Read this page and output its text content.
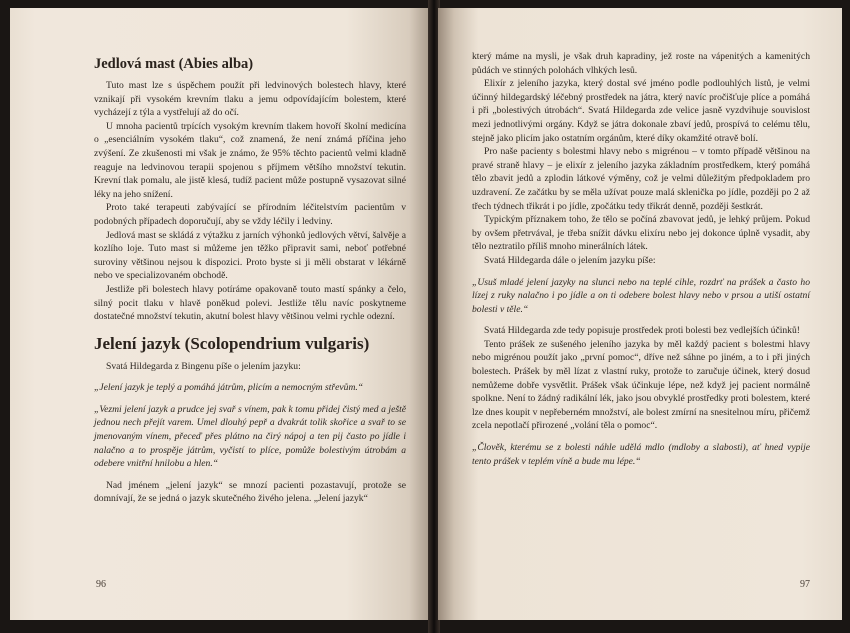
Jedlová mast (Abies alba)

Tuto mast lze s úspěchem použít při ledvinových bolestech hlavy, které vznikají při vysokém krevním tlaku a jemu odpovídajícím bolestem, které vycházejí z týla a vystřelují až do očí.

U mnoha pacientů trpících vysokým krevním tlakem hovoří školní medicína o „esenciálním vysokém tlaku“, což znamená, že není známá příčina jeho zvýšení. Ze zkušenosti mi však je známo, že 95% těchto pacientů velmi kladně reaguje na ledvinovou terapii spojenou s příjmem většího množství tekutin. Krevní tlak pomalu, ale jistě klesá, tudíž pacient může postupně vysazovat silné léky na jeho snížení.

Proto také terapeuti zabývající se přírodním léčitelstvím pacientům v podobných případech doporučují, aby se vždy léčily i ledviny.

Jedlová mast se skládá z výtažku z jarních výhonků jedlových větví, šalvěje a kozlího loje. Tuto mast si můžeme jen těžko připravit sami, neboť potřebné suroviny většinou nejsou k dispozici. Proto byste si ji měli obstarat v lékárně nebo ve specializovaném obchodě.

Jestliže při bolestech hlavy potíráme opakovaně touto mastí spánky a čelo, silný pocit tlaku v hlavě poněkud polevi. Jestliže tělu navíc poskytneme dostatečné množství tekutin, akutní bolest hlavy většinou velmi rychle odezní.

Jelení jazyk (Scolopendrium vulgaris)

Svatá Hildegarda z Bingenu píše o jelením jazyku:

„Jelení jazyk je teplý a pomáhá játrům, plicím a nemocným střevům.“

„Vezmi jelení jazyk a prudce jej svař s vínem, pak k tomu přidej čistý med a ještě jednou nech přejít varem. Umel dlouhý pepř a dvakrát tolik skořice a svař to se jmenovaným vínem, přeceď přes plátno na čirý nápoj a ten pij často po jídle i nalačno a to prospěje játrům, vyčistí to plíce, pomůže bolestivým útrobám a odebere vnitřní hnilobu a hlen.“

Nad jménem „jelení jazyk“ se mnozí pacienti pozastavují, protože se domnívají, že se jedná o jazyk skutečného živého jelena. „Jelení jazyk“

96

který máme na mysli, je však druh kapradiny, jež roste na vápenitých a kamenitých půdách ve stinných polohách vlhkých lesů.

Elixír z jeleního jazyka, který dostal své jméno podle podlouhlých listů, je velmi účinný hildegardský léčebný prostředek na játra, který navíc pročišťuje plíce a pomáhá i při „bolestivých útrobách“. Svatá Hildegarda zde velice jasně vyzdvihuje souvislost mezi jednotlivými orgány. Když se játra dokonale zbaví jedů, prospívá to celému tělu, stejně jako plicím jako ostatním orgánům, které díky okamžité otravě bolí.

Pro naše pacienty s bolestmi hlavy nebo s migrénou – v tomto případě většinou na pravé straně hlavy – je elixír z jeleního jazyka základním prostředkem, který pomáhá tělo zbavit jedů a zplodin látkové výměny, což je velmi důležitým předpokladem pro uzdravení. Ze začátku by se měla užívat pouze malá sklenička po jídle, později po 2 až třech týdnech třikrát i po jídle, zpočátku tedy třikrát denně, později šestkrát.

Typickým příznakem toho, že tělo se počíná zbavovat jedů, je lehký průjem. Pokud by ovšem přetrvával, je třeba snížit dávku elixíru nebo jej dokonce úplně vysadit, aby tělo neztratilo příliš mnoho minerálních látek.

Svatá Hildegarda dále o jelením jazyku píše:

„Usuš mladé jelení jazyky na slunci nebo na teplé cihle, rozdrť na prášek a často ho lízej z ruky nalačno i po jídle a on ti odebere bolest hlavy nebo v prsou a utiší ostatní bolesti v těle.“

Svatá Hildegarda zde tedy popisuje prostředek proti bolesti bez vedlejších účinků!

Tento prášek ze sušeného jeleního jazyka by měl každý pacient s bolestmi hlavy nebo migrénou použít jako „první pomoc“, dříve než sáhne po jiném, a to i při jiných bolestech. Prášek by měl lízat z vlastní ruky, protože to zaručuje účinek, který dosud nemůžeme dobře vysvětlit. Prášek však účinkuje lépe, než když jej pacient normálně spolkne. Není to žádný radikální lék, jako jsou obvyklé prostředky proti bolestem, které lze dnes koupit v nepřeberném množství, ale bolest zmírní na snesitelnou míru, přičemž zcela nepotlačí přirozené „volání těla o pomoc“.

„Člověk, kterému se z bolesti náhle udělá mdlo (mdloby a slabosti), ať hned vypije tento prášek v teplém víně a bude mu lépe.“

97
